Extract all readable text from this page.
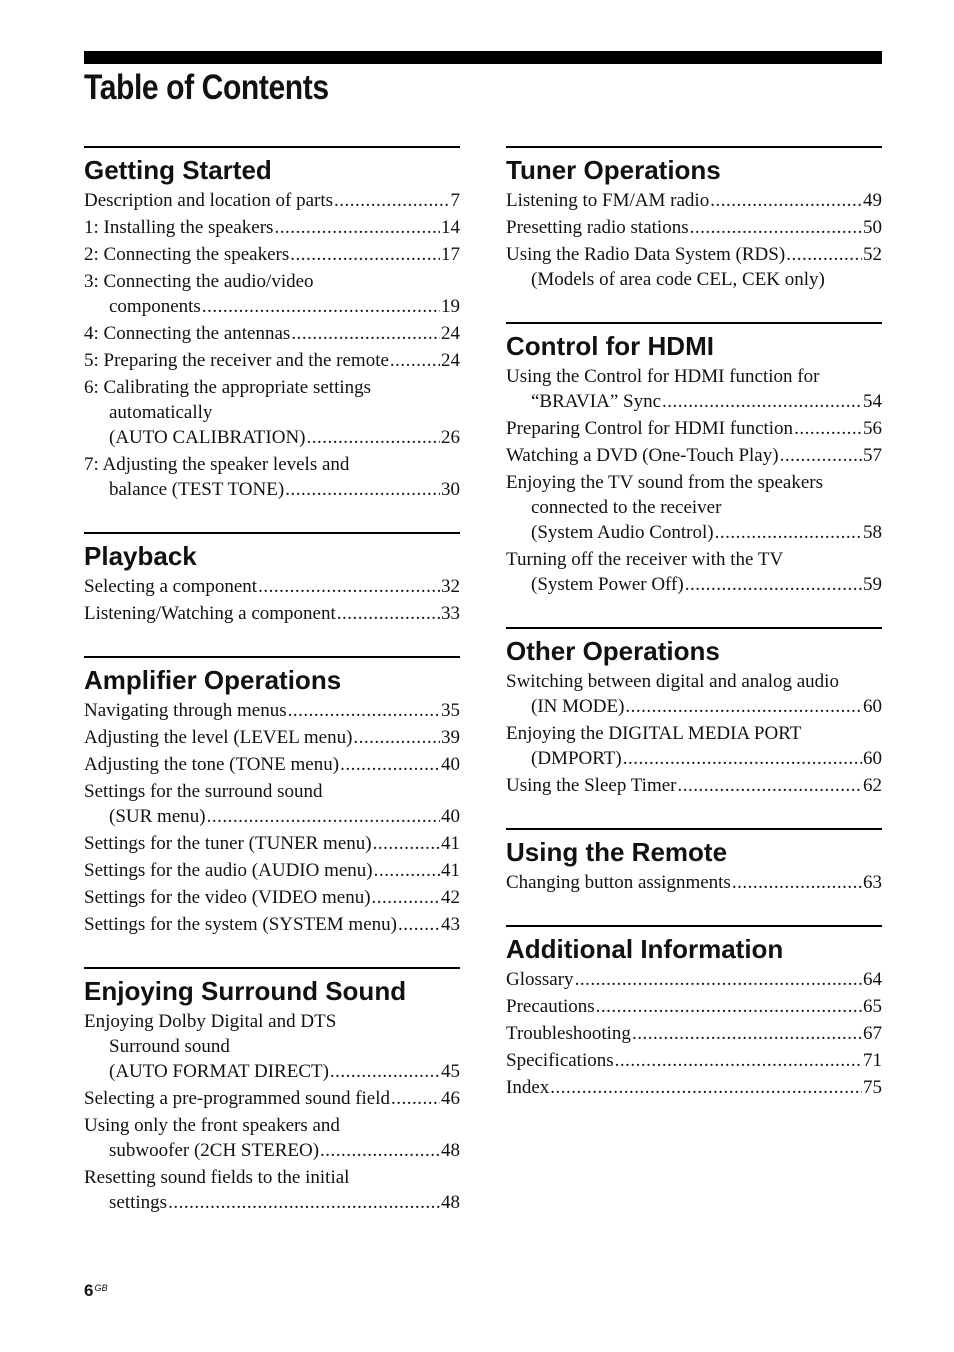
Table of Contents
Getting Started
Description and location of parts .....	7
1: Installing the speakers .....	14
2: Connecting the speakers .....	17
3: Connecting the audio/video
components .....	19
4: Connecting the antennas .....	24
5: Preparing the receiver and the remote .....	24
6: Calibrating the appropriate settings
automatically
(AUTO CALIBRATION) .....	26
7: Adjusting the speaker levels and
balance (TEST TONE) .....	30
Playback
Selecting a component .....	32
Listening/Watching a component .....	33
Amplifier Operations
Navigating through menus .....	35
Adjusting the level (LEVEL menu) .....	39
Adjusting the tone (TONE menu) .....	40
Settings for the surround sound
(SUR menu) .....	40
Settings for the tuner (TUNER menu) .....	41
Settings for the audio (AUDIO menu) .....	41
Settings for the video (VIDEO menu) .....	42
Settings for the system (SYSTEM menu) ..... 43
Enjoying Surround Sound
Enjoying Dolby Digital and DTS
Surround sound
(AUTO FORMAT DIRECT) .....	45
Selecting a pre-programmed sound field .....	46
Using only the front speakers and
subwoofer (2CH STEREO) .....	48
Resetting sound fields to the initial
settings .....	48
Tuner Operations
Listening to FM/AM radio .....	49
Presetting radio stations .....	50
Using the Radio Data System (RDS) .....	52
(Models of area code CEL, CEK only)
Control for HDMI
Using the Control for HDMI function for
“BRAVIA” Sync .....	54
Preparing Control for HDMI function .....	56
Watching a DVD (One-Touch Play) .....	57
Enjoying the TV sound from the speakers
connected to the receiver
(System Audio Control) .....	58
Turning off the receiver with the TV
(System Power Off) .....	59
Other Operations
Switching between digital and analog audio
(IN MODE) .....	60
Enjoying the DIGITAL MEDIA PORT
(DMPORT) .....	60
Using the Sleep Timer .....	62
Using the Remote
Changing button assignments .....	63
Additional Information
Glossary .....	64
Precautions .....	65
Troubleshooting .....	67
Specifications .....	71
Index .....	75
$6^{GB}$
